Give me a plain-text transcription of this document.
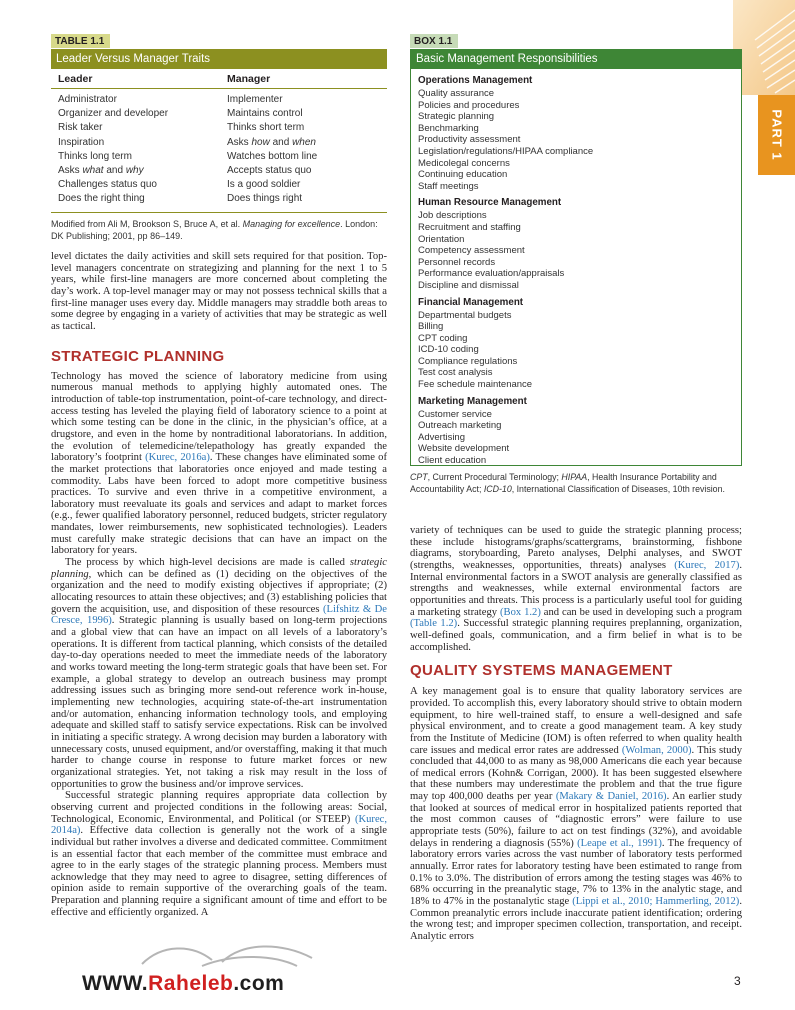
PART 1
TABLE 1.1
Leader Versus Manager Traits
Leader	Manager
Administrator	Implementer
Organizer and developer	Maintains control
Risk taker	Thinks short term
Inspiration	Asks how and when
Thinks long term	Watches bottom line
Asks what and why	Accepts status quo
Challenges status quo	Is a good soldier
Does the right thing	Does things right
Modified from Ali M, Brookson S, Bruce A, et al. Managing for excellence. London: DK Publishing; 2001, pp 86–149.
BOX 1.1
Basic Management Responsibilities
Operations Management
Quality assurance
Policies and procedures
Strategic planning
Benchmarking
Productivity assessment
Legislation/regulations/HIPAA compliance
Medicolegal concerns
Continuing education
Staff meetings
Human Resource Management
Job descriptions
Recruitment and staffing
Orientation
Competency assessment
Personnel records
Performance evaluation/appraisals
Discipline and dismissal
Financial Management
Departmental budgets
Billing
CPT coding
ICD-10 coding
Compliance regulations
Test cost analysis
Fee schedule maintenance
Marketing Management
Customer service
Outreach marketing
Advertising
Website development
Client education
CPT, Current Procedural Terminology; HIPAA, Health Insurance Portability and Accountability Act; ICD-10, International Classification of Diseases, 10th revision.

level dictates the daily activities and skill sets required for that position. Top-level managers concentrate on strategizing and planning for the next 1 to 5 years, while first-line managers are more concerned about completing the day’s work. A top-level manager may or may not possess technical skills that a first-line manager uses every day. Middle managers may straddle both areas to some degree by engaging in a variety of activities that may be strategic as well as tactical.

STRATEGIC PLANNING

Technology has moved the science of laboratory medicine from using numerous manual methods to applying highly automated ones. The introduction of table-top instrumentation, point-of-care technology, and direct-access testing has leveled the playing field of laboratory science to a point at which some testing can be done in the clinic, in the physician’s office, at a drugstore, and even in the home by nontraditional laboratorians. In addition, the evolution of telemedicine/telepathology has greatly expanded the laboratory’s footprint (Kurec, 2016a). These changes have eliminated some of the market protections that laboratories once enjoyed and made testing a commodity. Labs have been forced to adopt more competitive business practices. To survive and even thrive in a competitive environment, a laboratory must reevaluate its goals and services and adapt to market forces (e.g., fewer qualified laboratory personnel, reduced budgets, stricter regulatory mandates, lower reimbursements, new sophisticated technologies). Leaders must carefully make strategic decisions that can have an impact on the laboratory for years.

The process by which high-level decisions are made is called strategic planning, which can be defined as (1) deciding on the objectives of the organization and the need to modify existing objectives if appropriate; (2) allocating resources to attain these objectives; and (3) establishing policies that govern the acquisition, use, and disposition of these resources (Lifshitz & De Cresce, 1996). Strategic planning is usually based on long-term projections and a global view that can have an impact on all levels of a laboratory’s operations. It is different from tactical planning, which consists of the detailed day-to-day operations needed to meet the immediate needs of the laboratory and works toward meeting the long-term strategic goals that have been set. For example, a global strategy to develop an outreach business may prompt addressing issues such as bringing more send-out reference work in-house, implementing new technologies, acquiring state-of-the-art instrumentation and/or automation, enhancing information technology tools, and employing adequate and skilled staff to satisfy service expectations. Risk can be involved in initiating a specific strategy. A wrong decision may burden a laboratory with unnecessary costs, unused equipment, and/or overstaffing, making it that much harder to change course in response to future market forces or new organizational strategies. Yet, not taking a risk may result in the loss of opportunities to grow the business and/or improve services.

Successful strategic planning requires appropriate data collection by observing current and projected conditions in the following areas: Social, Technological, Economic, Environmental, and Political (or STEEP) (Kurec, 2014a). Effective data collection is generally not the work of a single individual but rather involves a diverse and dedicated committee. Commitment is an essential factor that each member of the committee must embrace and agree to in the early stages of the strategic planning process. Members must acknowledge that they may need to agree to disagree, setting differences of opinion aside to remain supportive of the overarching goals of the team. Preparation and planning require a significant amount of time and effort to be effective and efficiently organized. A

variety of techniques can be used to guide the strategic planning process; these include histograms/graphs/scattergrams, brainstorming, fishbone diagrams, storyboarding, Pareto analyses, Delphi analyses, and SWOT (strengths, weaknesses, opportunities, threats) analyses (Kurec, 2017). Internal environmental factors in a SWOT analysis are generally classified as strengths and weaknesses, while external environmental factors are opportunities and threats. This process is a particularly useful tool for guiding a marketing strategy (Box 1.2) and can be used in developing such a program (Table 1.2). Successful strategic planning requires preplanning, organization, well-defined goals, communication, and a firm belief in what is to be accomplished.

QUALITY SYSTEMS MANAGEMENT

A key management goal is to ensure that quality laboratory services are provided. To accomplish this, every laboratory should strive to obtain modern equipment, to hire well-trained staff, to ensure a well-designed and safe physical environment, and to create a good management team. A key study from the Institute of Medicine (IOM) is often referred to when quality health care issues and medical error rates are addressed (Wolman, 2000). This study concluded that 44,000 to as many as 98,000 Americans die each year because of medical errors (Kohn& Corrigan, 2000). It has been suggested elsewhere that these numbers may underestimate the problem and that the true figure may top 400,000 deaths per year (Makary & Daniel, 2016). An earlier study that looked at sources of medical error in hospitalized patients reported that the most common causes of “diagnostic errors” were failure to use appropriate tests (50%), failure to act on test findings (32%), and avoidable delays in rendering a diagnosis (55%) (Leape et al., 1991). The frequency of laboratory errors varies across the vast number of laboratory tests performed annually. Error rates for laboratory testing have been estimated to range from 0.1% to 3.0%. The distribution of errors among the testing stages was 46% to 68% occurring in the preanalytic stage, 7% to 13% in the analytic stage, and 18% to 47% in the postanalytic stage (Lippi et al., 2010; Hammerling, 2012). Common preanalytic errors include inaccurate patient identification; ordering the wrong test; and improper specimen collection, transportation, and receipt. Analytic errors

WWW.Raheleb.com	3
